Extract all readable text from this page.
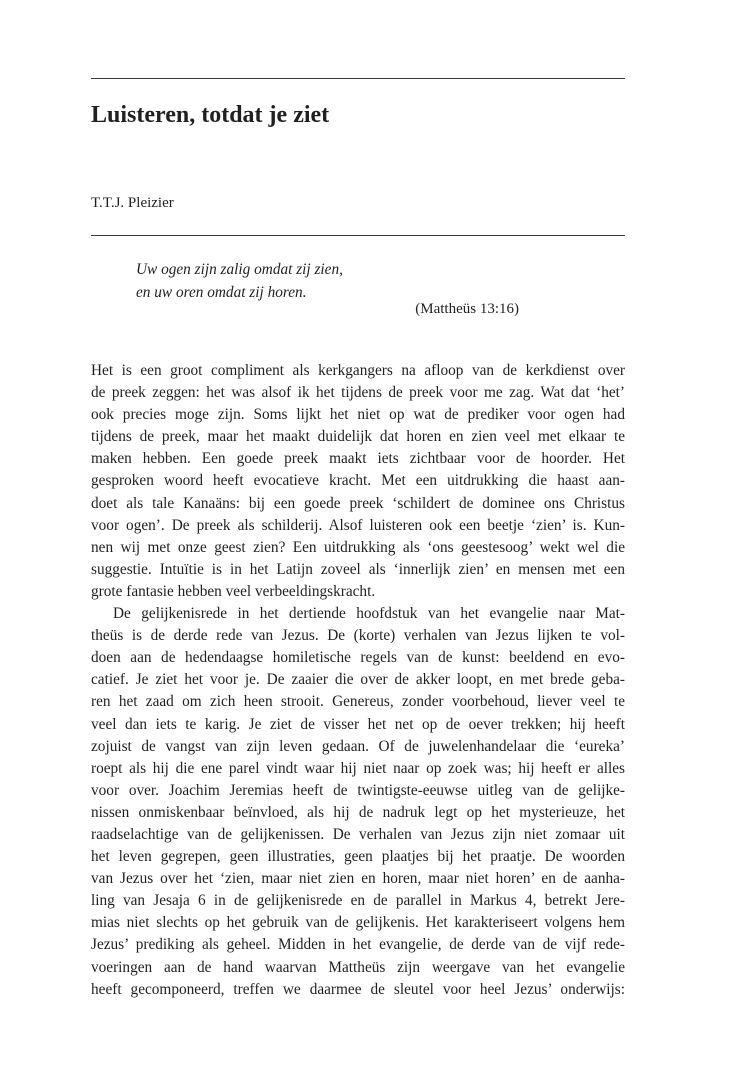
Luisteren, totdat je ziet
T.T.J. Pleizier
Uw ogen zijn zalig omdat zij zien,
en uw oren omdat zij horen.
(Mattheüs 13:16)
Het is een groot compliment als kerkgangers na afloop van de kerkdienst over
de preek zeggen: het was alsof ik het tijdens de preek voor me zag. Wat dat ‘het’
ook precies moge zijn. Soms lijkt het niet op wat de prediker voor ogen had
tijdens de preek, maar het maakt duidelijk dat horen en zien veel met elkaar te
maken hebben. Een goede preek maakt iets zichtbaar voor de hoorder. Het
gesproken woord heeft evocatieve kracht. Met een uitdrukking die haast aan-
doet als tale Kanaäns: bij een goede preek ‘schildert de dominee ons Christus
voor ogen’. De preek als schilderij. Alsof luisteren ook een beetje ‘zien’ is. Kun-
nen wij met onze geest zien? Een uitdrukking als ‘ons geestesoog’ wekt wel die
suggestie. Intuïtie is in het Latijn zoveel als ‘innerlijk zien’ en mensen met een
grote fantasie hebben veel verbeeldingskracht.
De gelijkenisrede in het dertiende hoofdstuk van het evangelie naar Mat-
theüs is de derde rede van Jezus. De (korte) verhalen van Jezus lijken te vol-
doen aan de hedendaagse homiletische regels van de kunst: beeldend en evo-
catief. Je ziet het voor je. De zaaier die over de akker loopt, en met brede geba-
ren het zaad om zich heen strooit. Genereus, zonder voorbehoud, liever veel te
veel dan iets te karig. Je ziet de visser het net op de oever trekken; hij heeft
zojuist de vangst van zijn leven gedaan. Of de juwelenhandelaar die ‘eureka’
roept als hij die ene parel vindt waar hij niet naar op zoek was; hij heeft er alles
voor over. Joachim Jeremias heeft de twintigste-eeuwse uitleg van de gelijke-
nissen onmiskenbaar beïnvloed, als hij de nadruk legt op het mysterieuze, het
raadselachtige van de gelijkenissen. De verhalen van Jezus zijn niet zomaar uit
het leven gegrepen, geen illustraties, geen plaatjes bij het praatje. De woorden
van Jezus over het ‘zien, maar niet zien en horen, maar niet horen’ en de aanha-
ling van Jesaja 6 in de gelijkenisrede en de parallel in Markus 4, betrekt Jere-
mias niet slechts op het gebruik van de gelijkenis. Het karakteriseert volgens hem
Jezus’ prediking als geheel. Midden in het evangelie, de derde van de vijf rede-
voeringen aan de hand waarvan Mattheüs zijn weergave van het evangelie
heeft gecomponeerd, treffen we daarmee de sleutel voor heel Jezus’ onderwijs:
